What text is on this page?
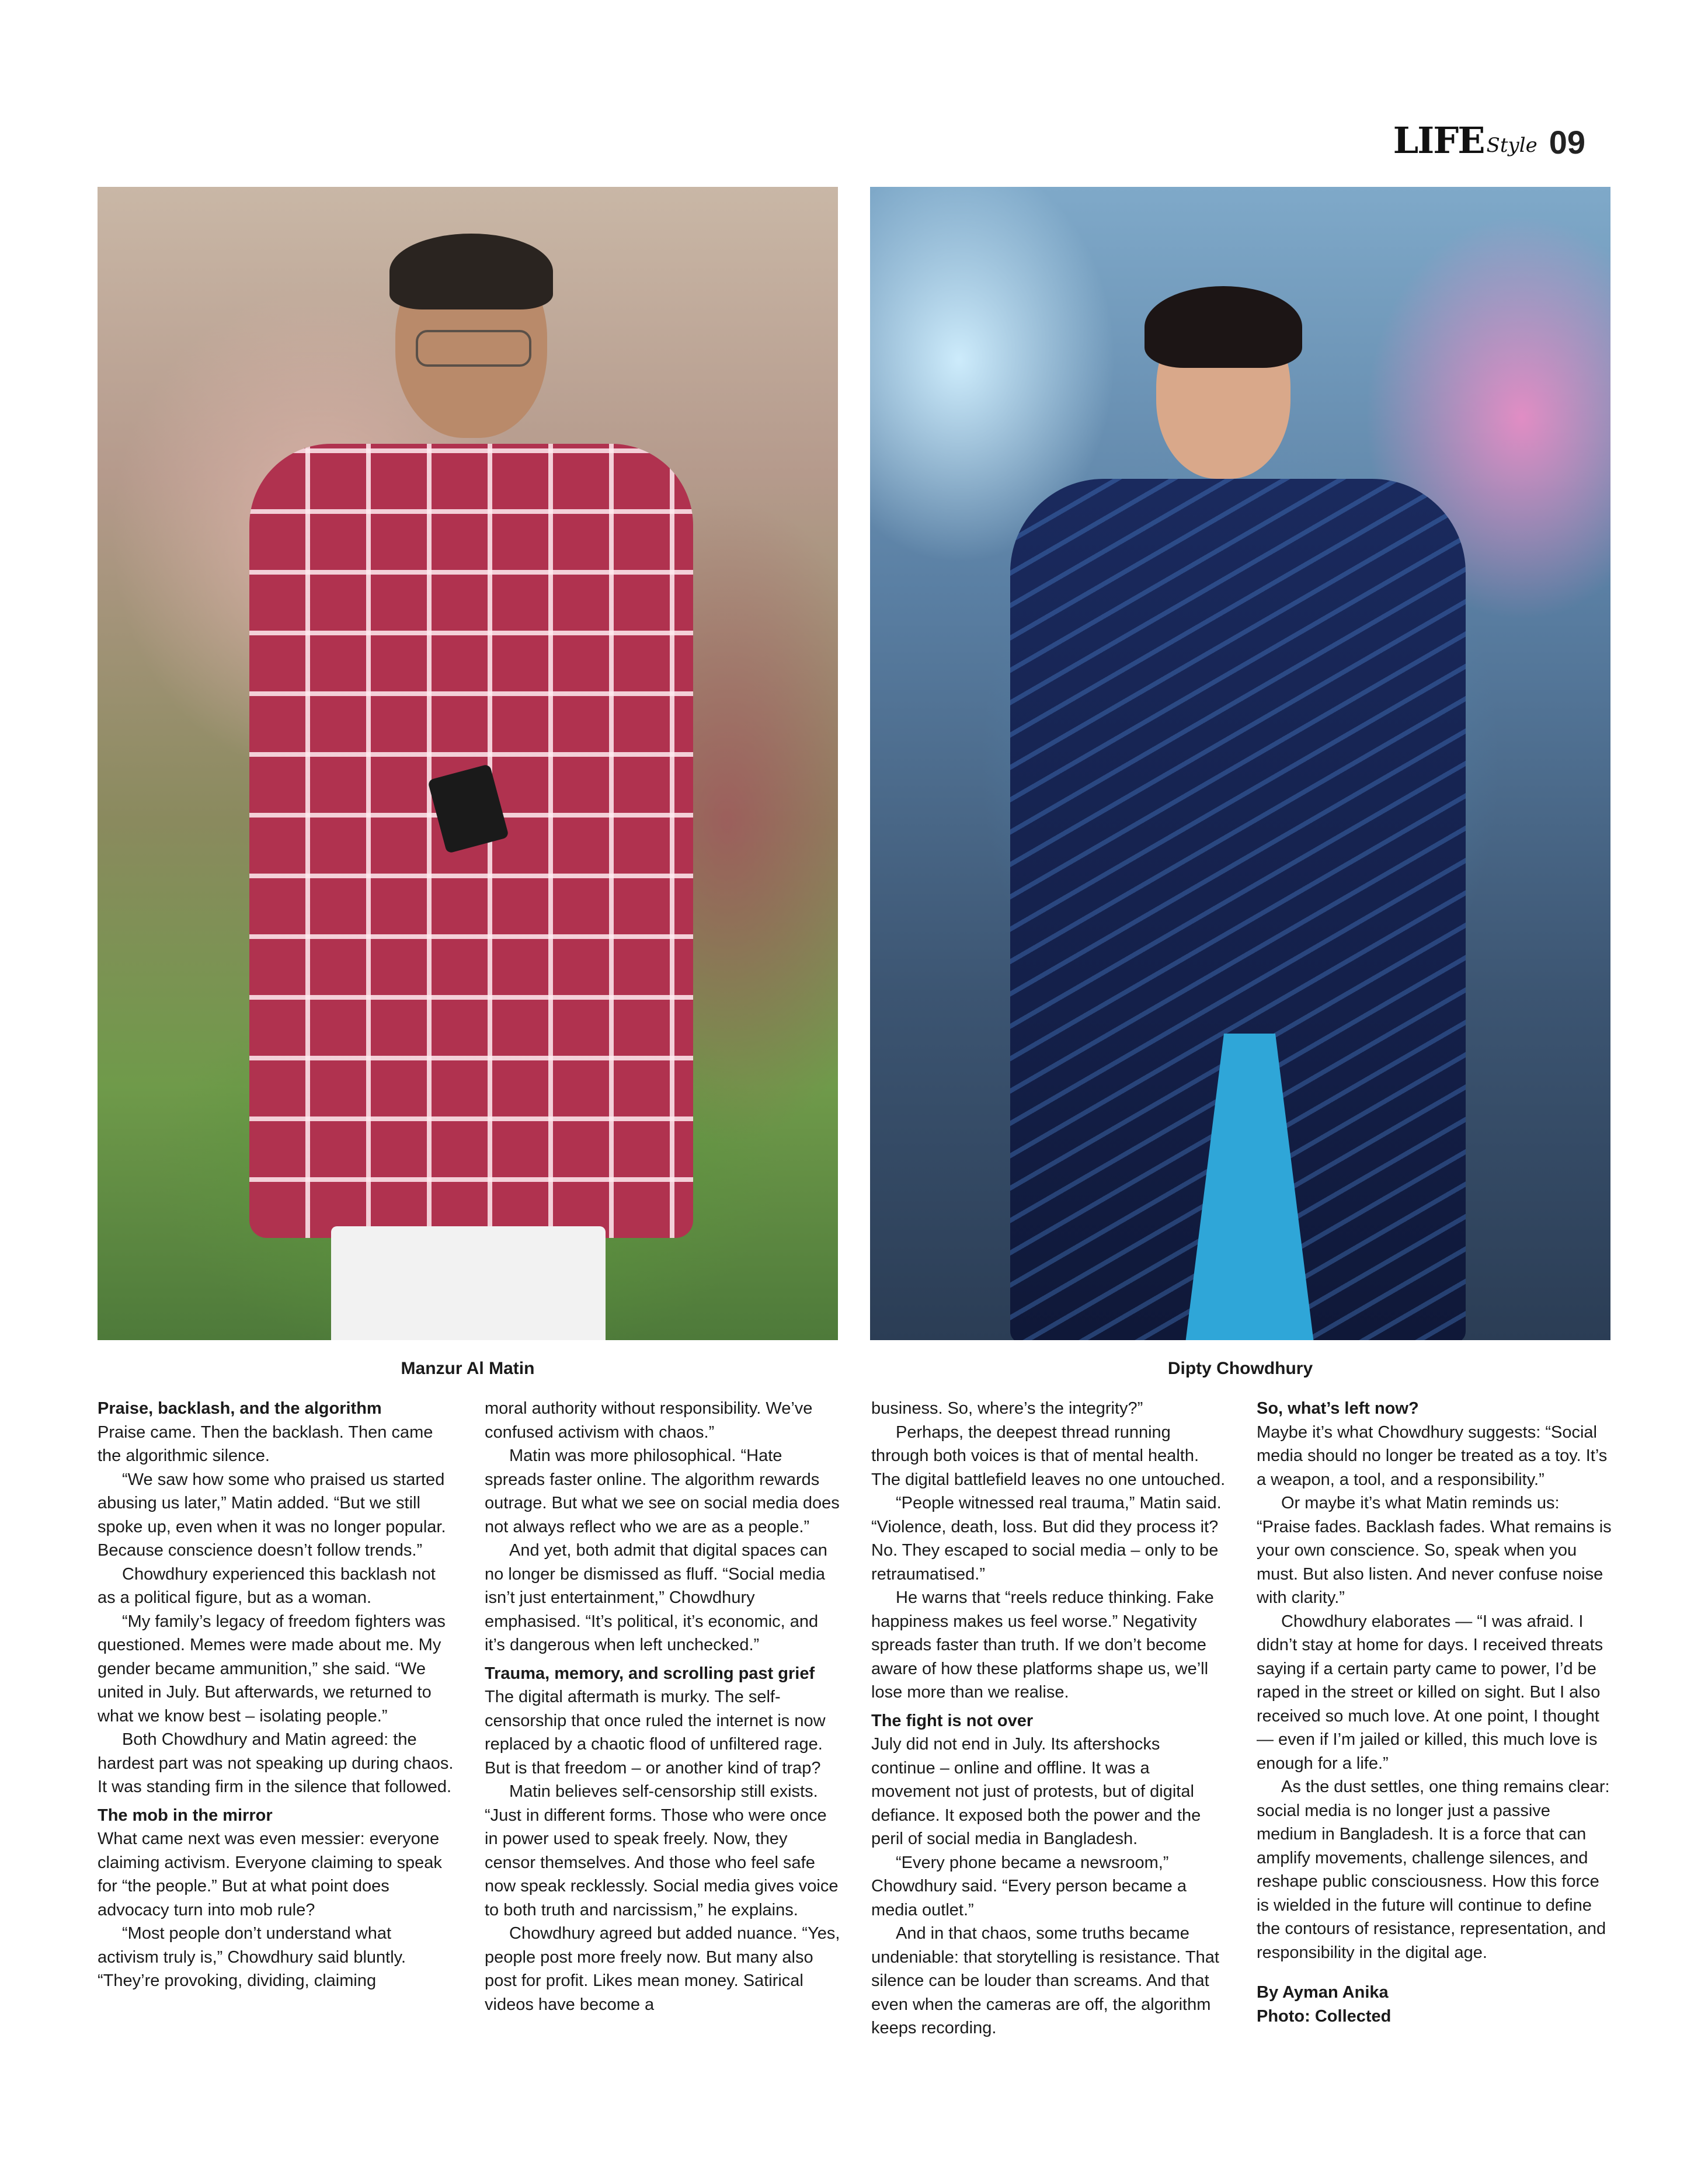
LIFE Style 09
Manzur Al Matin	Dipty Chowdhury
Praise, backlash, and the algorithm

Praise came. Then the backlash. Then came the algorithmic silence.

“We saw how some who praised us started abusing us later,” Matin added. “But we still spoke up, even when it was no longer popular. Because conscience doesn’t follow trends.”

Chowdhury experienced this backlash not as a political figure, but as a woman.

“My family’s legacy of freedom fighters was questioned. Memes were made about me. My gender became ammunition,” she said. “We united in July. But afterwards, we returned to what we know best – isolating people.”

Both Chowdhury and Matin agreed: the hardest part was not speaking up during chaos. It was standing firm in the silence that followed.

The mob in the mirror

What came next was even messier: everyone claiming activism. Everyone claiming to speak for “the people.” But at what point does advocacy turn into mob rule?

“Most people don’t understand what activism truly is,” Chowdhury said bluntly. “They’re provoking, dividing, claiming

moral authority without responsibility. We’ve confused activism with chaos.”

Matin was more philosophical. “Hate spreads faster online. The algorithm rewards outrage. But what we see on social media does not always reflect who we are as a people.”

And yet, both admit that digital spaces can no longer be dismissed as fluff. “Social media isn’t just entertainment,” Chowdhury emphasised. “It’s political, it’s economic, and it’s dangerous when left unchecked.”

Trauma, memory, and scrolling past grief

The digital aftermath is murky. The self-censorship that once ruled the internet is now replaced by a chaotic flood of unfiltered rage. But is that freedom – or another kind of trap?

Matin believes self-censorship still exists. “Just in different forms. Those who were once in power used to speak freely. Now, they censor themselves. And those who feel safe now speak recklessly. Social media gives voice to both truth and narcissism,” he explains.

Chowdhury agreed but added nuance. “Yes, people post more freely now. But many also post for profit. Likes mean money. Satirical videos have become a

business. So, where’s the integrity?”

Perhaps, the deepest thread running through both voices is that of mental health. The digital battlefield leaves no one untouched.

“People witnessed real trauma,” Matin said. “Violence, death, loss. But did they process it? No. They escaped to social media – only to be retraumatised.”

He warns that “reels reduce thinking. Fake happiness makes us feel worse.” Negativity spreads faster than truth. If we don’t become aware of how these platforms shape us, we’ll lose more than we realise.

The fight is not over

July did not end in July. Its aftershocks continue – online and offline. It was a movement not just of protests, but of digital defiance. It exposed both the power and the peril of social media in Bangladesh.

“Every phone became a newsroom,” Chowdhury said. “Every person became a media outlet.”

And in that chaos, some truths became undeniable: that storytelling is resistance. That silence can be louder than screams. And that even when the cameras are off, the algorithm keeps recording.

So, what’s left now?

Maybe it’s what Chowdhury suggests: “Social media should no longer be treated as a toy. It’s a weapon, a tool, and a responsibility.”

Or maybe it’s what Matin reminds us: “Praise fades. Backlash fades. What remains is your own conscience. So, speak when you must. But also listen. And never confuse noise with clarity.”

Chowdhury elaborates — “I was afraid. I didn’t stay at home for days. I received threats saying if a certain party came to power, I’d be raped in the street or killed on sight. But I also received so much love. At one point, I thought — even if I’m jailed or killed, this much love is enough for a life.”

As the dust settles, one thing remains clear: social media is no longer just a passive medium in Bangladesh. It is a force that can amplify movements, challenge silences, and reshape public consciousness. How this force is wielded in the future will continue to define the contours of resistance, representation, and responsibility in the digital age.

By Ayman Anika
Photo: Collected
